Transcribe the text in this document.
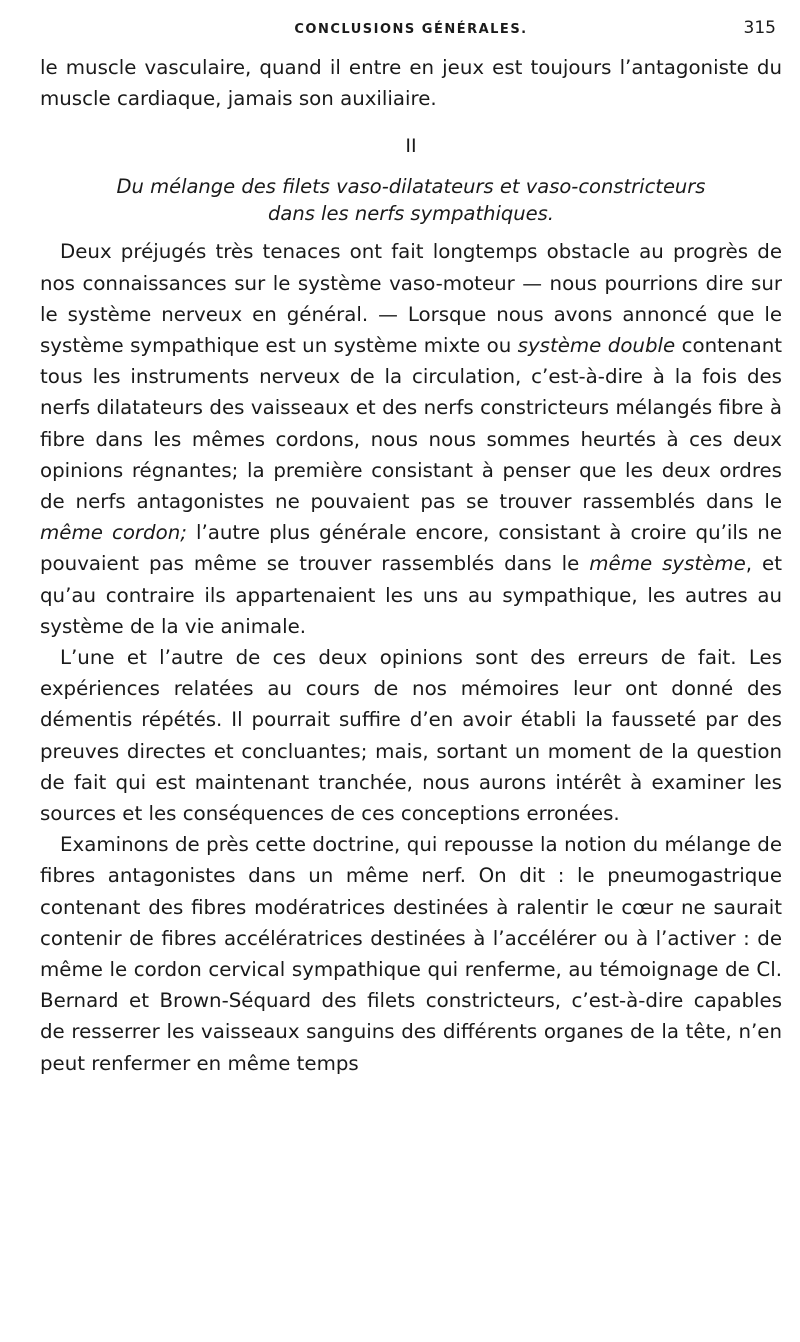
CONCLUSIONS GÉNÉRALES.	315

le muscle vasculaire, quand il entre en jeux est toujours l’antagoniste du muscle cardiaque, jamais son auxiliaire.

II
Du mélange des filets vaso-dilatateurs et vaso-constricteurs
dans les nerfs sympathiques.

Deux préjugés très tenaces ont fait longtemps obstacle au progrès de nos connaissances sur le système vaso-moteur — nous pourrions dire sur le système nerveux en général. — Lorsque nous avons annoncé que le système sympathique est un système mixte ou système double contenant tous les instruments nerveux de la circulation, c’est-à-dire à la fois des nerfs dilatateurs des vaisseaux et des nerfs constricteurs mélangés fibre à fibre dans les mêmes cordons, nous nous sommes heurtés à ces deux opinions régnantes; la première consistant à penser que les deux ordres de nerfs antagonistes ne pouvaient pas se trouver rassemblés dans le même cordon; l’autre plus générale encore, consistant à croire qu’ils ne pouvaient pas même se trouver rassemblés dans le même système, et qu’au contraire ils appartenaient les uns au sympathique, les autres au système de la vie animale.

L’une et l’autre de ces deux opinions sont des erreurs de fait. Les expériences relatées au cours de nos mémoires leur ont donné des démentis répétés. Il pourrait suffire d’en avoir établi la fausseté par des preuves directes et concluantes; mais, sortant un moment de la question de fait qui est maintenant tranchée, nous aurons intérêt à examiner les sources et les conséquences de ces conceptions erronées.

Examinons de près cette doctrine, qui repousse la notion du mélange de fibres antagonistes dans un même nerf. On dit : le pneumogastrique contenant des fibres modératrices destinées à ralentir le cœur ne saurait contenir de fibres accélératrices destinées à l’accélérer ou à l’activer : de même le cordon cervical sympathique qui renferme, au témoignage de Cl. Bernard et Brown-Séquard des filets constricteurs, c’est-à-dire capables de resserrer les vaisseaux sanguins des différents organes de la tête, n’en peut renfermer en même temps
